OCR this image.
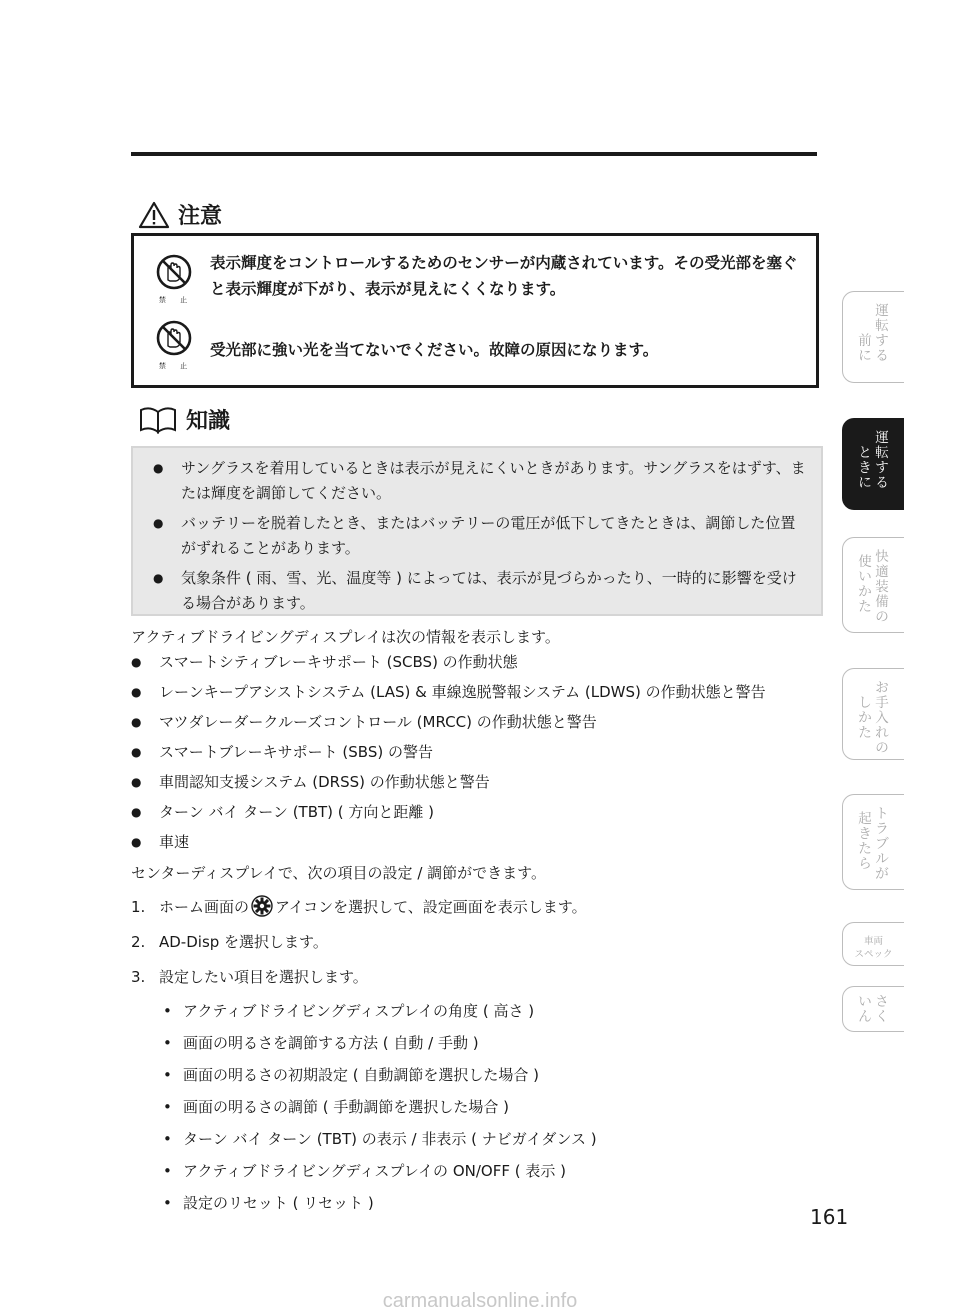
注意
禁 止
表示輝度をコントロールするためのセンサーが内蔵されています。その受光部を塞ぐと表示輝度が下がり、表示が見えにくくなります。
禁 止
受光部に強い光を当てないでください。故障の原因になります。
知識
● サングラスを着用しているときは表示が見えにくいときがあります。サングラスをはずす、または輝度を調節してください。
● バッテリーを脱着したとき、またはバッテリーの電圧が低下してきたときは、調節した位置がずれることがあります。
● 気象条件 ( 雨、雪、光、温度等 ) によっては、表示が見づらかったり、一時的に影響を受ける場合があります。
アクティブドライビングディスプレイは次の情報を表示します。
● スマートシティブレーキサポート (SCBS) の作動状態
● レーンキープアシストシステム (LAS) & 車線逸脱警報システム (LDWS) の作動状態と警告
● マツダレーダークルーズコントロール (MRCC) の作動状態と警告
● スマートブレーキサポート (SBS) の警告
● 車間認知支援システム (DRSS) の作動状態と警告
● ターン バイ ターン (TBT) ( 方向と距離 )
● 車速
センターディスプレイで、次の項目の設定 / 調節ができます。
1. ホーム画面の アイコンを選択して、設定画面を表示します。
2. AD-Disp を選択します。
3. 設定したい項目を選択します。
• アクティブドライビングディスプレイの角度 ( 高さ )
• 画面の明るさを調節する方法 ( 自動 / 手動 )
• 画面の明るさの初期設定 ( 自動調節を選択した場合 )
• 画面の明るさの調節 ( 手動調節を選択した場合 )
• ターン バイ ターン (TBT) の表示 / 非表示 ( ナビガイダンス )
• アクティブドライビングディスプレイの ON/OFF ( 表示 )
• 設定のリセット ( リセット )
運
転
す
る
前
に
運
転
す
る
と
き
に
快
適
装
備
の
使
い
か
た
お
手
入
れ
の
し
か
た
ト
ラ
ブ
ル
が
起
き
た
ら
車両
スペック
さ
く
い
ん
161
carmanualsonline.info
